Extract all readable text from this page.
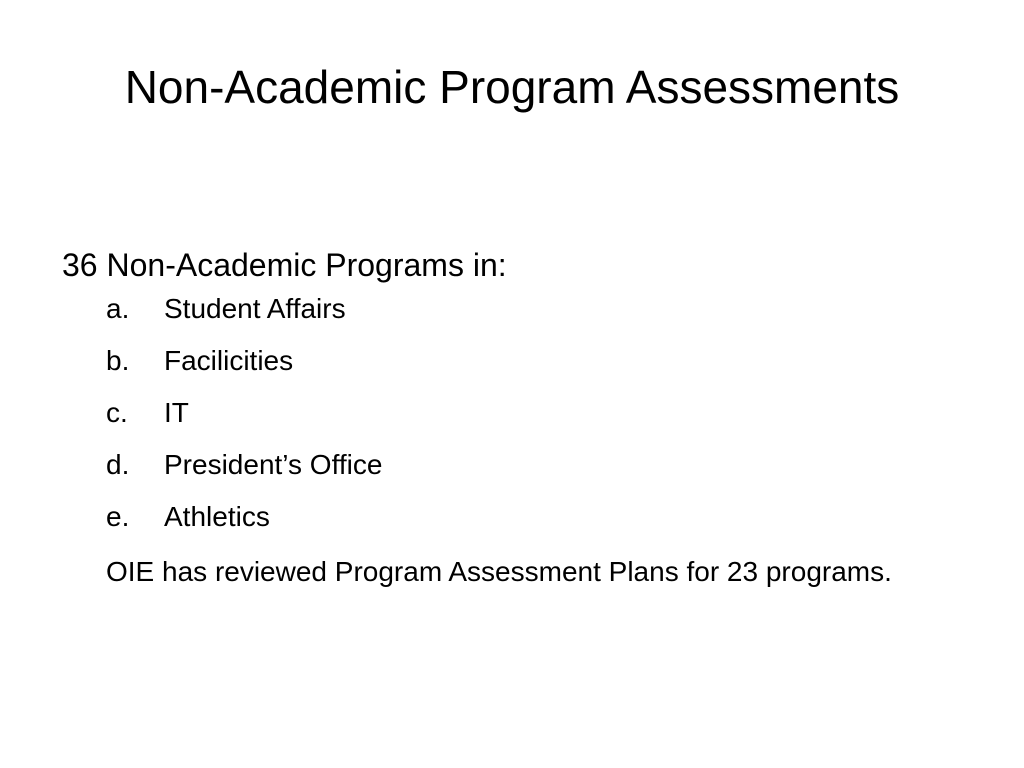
Non-Academic Program Assessments

36 Non-Academic Programs in:

a.	Student Affairs
b.	Facilicities
c.	IT
d.	President’s Office
e.	Athletics

OIE has reviewed Program Assessment Plans for 23 programs.
